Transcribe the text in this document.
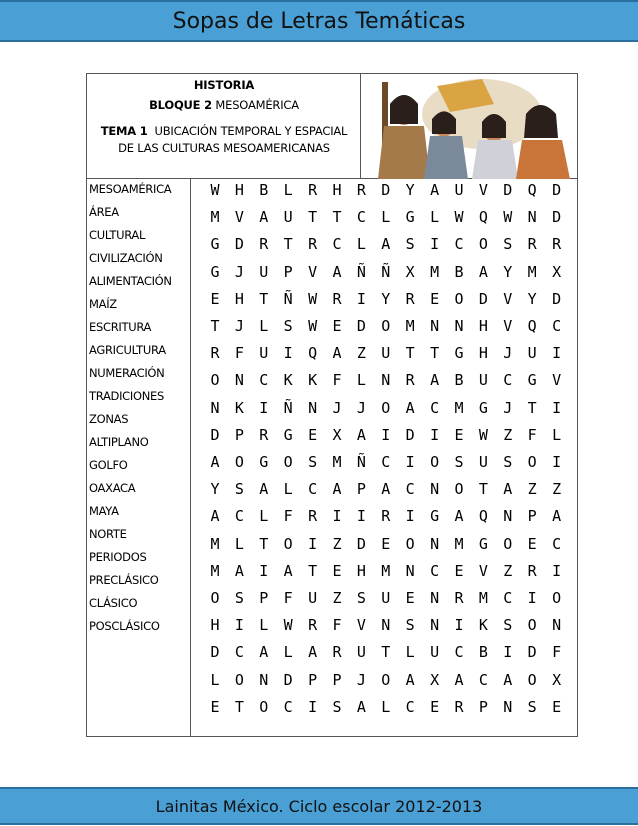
Sopas de Letras Temáticas
HISTORIA
BLOQUE 2 MESOAMÉRICA
TEMA 1 UBICACIÓN TEMPORAL Y ESPACIAL
DE LAS CULTURAS MESOAMERICANAS
MESOAMÉRICA
ÁREA
CULTURAL
CIVILIZACIÓN
ALIMENTACIÓN
MAÍZ
ESCRITURA
AGRICULTURA
NUMERACIÓN
TRADICIONES
ZONAS
ALTIPLANO
GOLFO
OAXACA
MAYA
NORTE
PERIODOS
PRECLÁSICO
CLÁSICO
POSCLÁSICO
W	H	B	L	R	H	R	D	Y	A	U	V	D	Q	D
M	V	A	U	T	T	C	L	G	L	W	Q	W	N	D
G	D	R	T	R	C	L	A	S	I	C	O	S	R	R
G	J	U	P	V	A	Ñ	Ñ	X	M	B	A	Y	M	X
E	H	T	Ñ	W	R	I	Y	R	E	O	D	V	Y	D
T	J	L	S	W	E	D	O	M	N	N	H	V	Q	C
R	F	U	I	Q	A	Z	U	T	T	G	H	J	U	I
O	N	C	K	K	F	L	N	R	A	B	U	C	G	V
N	K	I	Ñ	N	J	J	O	A	C	M	G	J	T	I
D	P	R	G	E	X	A	I	D	I	E	W	Z	F	L
A	O	G	O	S	M	Ñ	C	I	O	S	U	S	O	I
Y	S	A	L	C	A	P	A	C	N	O	T	A	Z	Z
A	C	L	F	R	I	I	R	I	G	A	Q	N	P	A
M	L	T	O	I	Z	D	E	O	N	M	G	O	E	C
M	A	I	A	T	E	H	M	N	C	E	V	Z	R	I
O	S	P	F	U	Z	S	U	E	N	R	M	C	I	O
H	I	L	W	R	F	V	N	S	N	I	K	S	O	N
D	C	A	L	A	R	U	T	L	U	C	B	I	D	F
L	O	N	D	P	P	J	O	A	X	A	C	A	O	X
E	T	O	C	I	S	A	L	C	E	R	P	N	S	E
Lainitas México. Ciclo escolar 2012-2013
